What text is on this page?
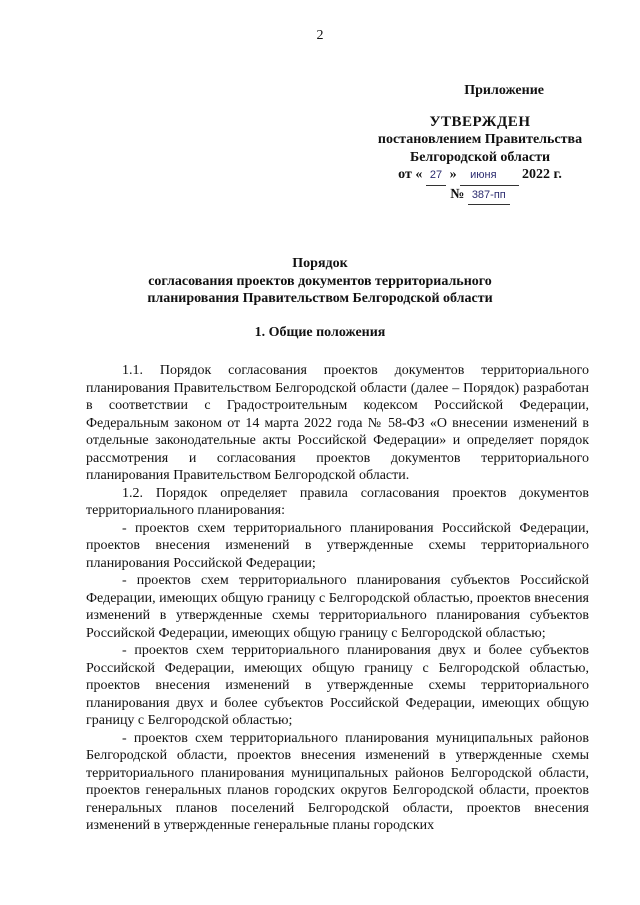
2
Приложение
УТВЕРЖДЕН
постановлением Правительства
Белгородской области
от « 27 » июня 2022 г.
№ 387-пп
Порядок
согласования проектов документов территориального
планирования Правительством Белгородской области
1. Общие положения

1.1. Порядок согласования проектов документов территориального планирования Правительством Белгородской области (далее – Порядок) разработан в соответствии с Градостроительным кодексом Российской Федерации, Федеральным законом от 14 марта 2022 года № 58-ФЗ «О внесении изменений в отдельные законодательные акты Российской Федерации» и определяет порядок рассмотрения и согласования проектов документов территориального планирования Правительством Белгородской области.

1.2. Порядок определяет правила согласования проектов документов территориального планирования:

- проектов схем территориального планирования Российской Федерации, проектов внесения изменений в утвержденные схемы территориального планирования Российской Федерации;

- проектов схем территориального планирования субъектов Российской Федерации, имеющих общую границу с Белгородской областью, проектов внесения изменений в утвержденные схемы территориального планирования субъектов Российской Федерации, имеющих общую границу с Белгородской областью;

- проектов схем территориального планирования двух и более субъектов Российской Федерации, имеющих общую границу с Белгородской областью, проектов внесения изменений в утвержденные схемы территориального планирования двух и более субъектов Российской Федерации, имеющих общую границу с Белгородской областью;

- проектов схем территориального планирования муниципальных районов Белгородской области, проектов внесения изменений в утвержденные схемы территориального планирования муниципальных районов Белгородской области, проектов генеральных планов городских округов Белгородской области, проектов генеральных планов поселений Белгородской области, проектов внесения изменений в утвержденные генеральные планы городских
